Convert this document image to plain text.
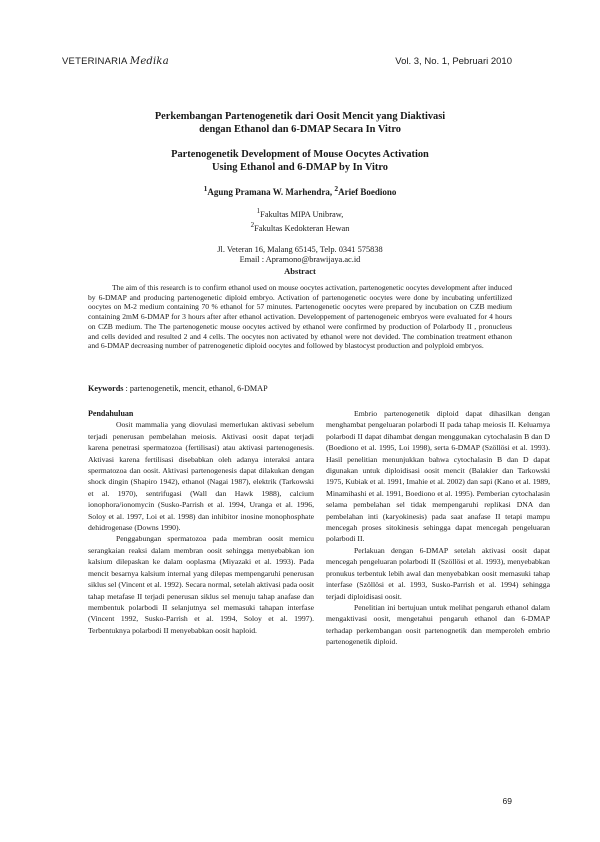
VETERINARIA Medika	Vol. 3, No. 1, Pebruari 2010
Perkembangan Partenogenetik dari Oosit Mencit yang Diaktivasi
dengan Ethanol dan 6-DMAP Secara In Vitro
Partenogenetik Development of Mouse Oocytes Activation
Using Ethanol and 6-DMAP by In Vitro
$^1$Agung Pramana W. Marhendra, $^2$Arief Boediono
$^1$Fakultas MIPA Unibraw,
$^2$Fakultas Kedokteran Hewan
Jl. Veteran 16, Malang 65145, Telp. 0341 575838
Email : Apramono@brawijaya.ac.id
Abstract

The aim of this research is to confirm ethanol used on mouse oocytes activation, partenogenetic oocytes development after induced by 6-DMAP and producing partenogenetic diploid embryo. Activation of partenogenetic oocytes were done by incubating unfertilized oocytes on M-2 medium containing 70 % ethanol for 57 minutes. Partenogenetic oocytes were prepared by incubation on CZB medium containing 2mM 6-DMAP for 3 hours after after ethanol activation. Developpement of partenogeneic embryos were evaluated for 4 hours on CZB medium. The The partenogenetic mouse oocytes actived by ethanol were confirmed by production of Polarbody II , pronucleus and cells devided and resulted 2 and 4 cells. The oocytes non activated by ethanol were not devided. The combination treatment ethanon and 6-DMAP decreasing number of patrenogenetic diploid oocytes and followed by blastocyst production and polyploid embryos.

Keywords : partenogenetik, mencit, ethanol, 6-DMAP

Pendahuluan

Oosit mammalia yang diovulasi memerlukan aktivasi sebelum terjadi penerusan pembelahan meiosis. Aktivasi oosit dapat terjadi karena penetrasi spermatozoa (fertilisasi) atau aktivasi partenogenesis. Aktivasi karena fertilisasi disebabkan oleh adanya interaksi antara spermatozoa dan oosit. Aktivasi partenogenesis dapat dilakukan dengan shock dingin (Shapiro 1942), ethanol (Nagai 1987), elektrik (Tarkowski et al. 1970), sentrifugasi (Wall dan Hawk 1988), calcium ionophora/ionomycin (Susko-Parrish et al. 1994, Uranga et al. 1996, Soloy et al. 1997, Loi et al. 1998) dan inhibitor inosine monophosphate dehidrogenase (Downs 1990).

Penggabungan spermatozoa pada membran oosit memicu serangkaian reaksi dalam membran oosit sehingga menyebabkan ion kalsium dilepaskan ke dalam ooplasma (Miyazaki et al. 1993). Pada mencit besarnya kalsium internal yang dilepas mempengaruhi penerusan siklus sel (Vincent et al. 1992). Secara normal, setelah aktivasi pada oosit tahap metafase II terjadi penerusan siklus sel menuju tahap anafase dan membentuk polarbodi II selanjutnya sel memasuki tahapan interfase (Vincent 1992, Susko-Parrish et al. 1994, Soloy et al. 1997). Terbentuknya polarbodi II menyebabkan oosit haploid.

Embrio partenogenetik diploid dapat dihasilkan dengan menghambat pengeluaran polarbodi II pada tahap meiosis II. Keluarnya polarbodi II dapat dihambat dengan menggunakan cytochalasin B dan D (Boediono et al. 1995, Loi 1998), serta 6-DMAP (Szöllösi et al. 1993). Hasil penelitian menunjukkan bahwa cytochalasin B dan D dapat digunakan untuk diploidisasi oosit mencit (Balakier dan Tarkowski 1975, Kubiak et al. 1991, Imahie et al. 2002) dan sapi (Kano et al. 1989, Minamihashi et al. 1991, Boediono et al. 1995). Pemberian cytochalasin selama pembelahan sel tidak mempengaruhi replikasi DNA dan pembelahan inti (karyokinesis) pada saat anafase II tetapi mampu mencegah proses sitokinesis sehingga dapat mencegah pengeluaran polarbodi II.

Perlakuan dengan 6-DMAP setelah aktivasi oosit dapat mencegah pengeluaran polarbodi II (Szöllösi et al. 1993), menyebabkan pronukus terbentuk lebih awal dan menyebabkan oosit memasuki tahap interfase (Szöllösi et al. 1993, Susko-Parrish et al. 1994) sehingga terjadi diploidisasi oosit.

Penelitian ini bertujuan untuk melihat pengaruh ethanol dalam mengaktivasi oosit, mengetahui pengaruh ethanol dan 6-DMAP terhadap perkembangan oosit partenognetik dan memperoleh embrio partenogenetik diploid.

69
